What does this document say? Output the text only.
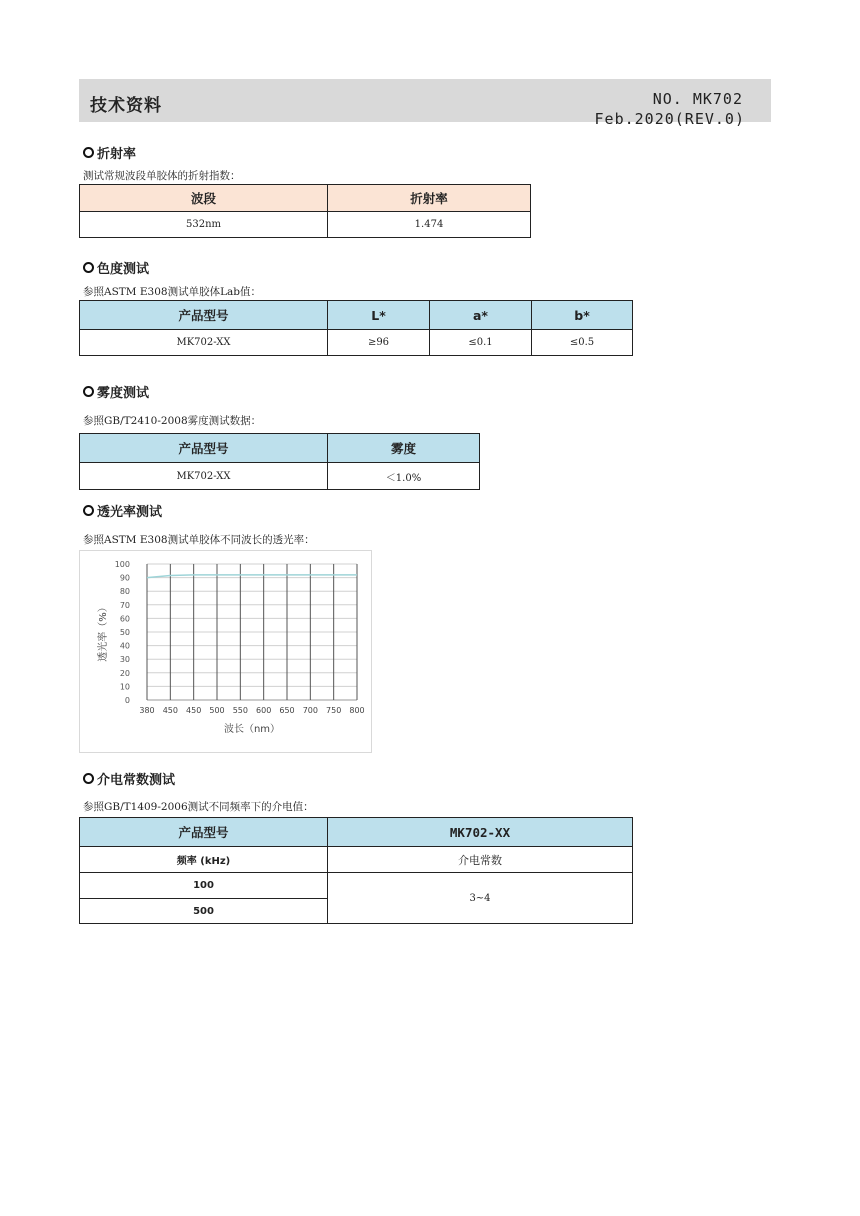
技术资料	NO. MK702
Feb.2020(REV.0)
折射率
测试常规波段单胶体的折射指数：
波段	折射率
532nm	1.474
色度测试
参照ASTM E308测试单胶体Lab值：
产品型号	L*	a*	b*
MK702-XX	≥96	≤0.1	≤0.5
雾度测试
参照GB/T2410-2008雾度测试数据：
产品型号	雾度
MK702-XX	＜1.0%
透光率测试
参照ASTM E308测试单胶体不同波长的透光率：
0
10
20
30
40
50
60
70
80
90
100
380 450 450 500 550 600 650 700 750 800
波长（nm）
透光率（%）
介电常数测试
参照GB/T1409-2006测试不同频率下的介电值：
产品型号	MK702-XX
频率 (kHz)	介电常数
100	3~4
500	
